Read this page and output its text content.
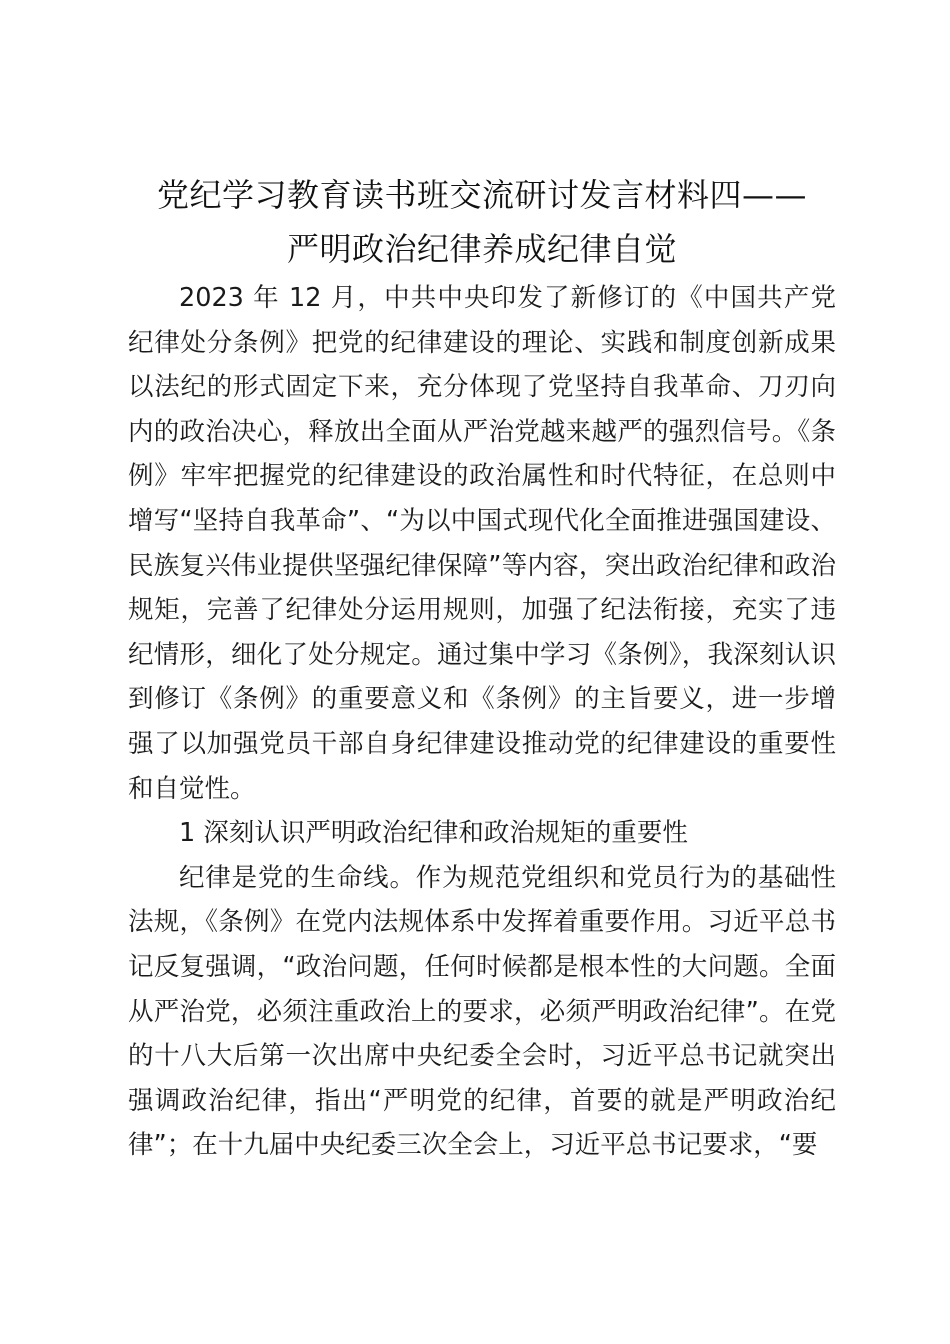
党纪学习教育读书班交流研讨发言材料四——
严明政治纪律养成纪律自觉

2023 年 12 月，中共中央印发了新修订的《中国共产党纪律处分条例》把党的纪律建设的理论、实践和制度创新成果以法纪的形式固定下来，充分体现了党坚持自我革命、刀刃向内的政治决心，释放出全面从严治党越来越严的强烈信号。《条例》牢牢把握党的纪律建设的政治属性和时代特征，在总则中增写“坚持自我革命”、“为以中国式现代化全面推进强国建设、民族复兴伟业提供坚强纪律保障”等内容，突出政治纪律和政治规矩，完善了纪律处分运用规则，加强了纪法衔接，充实了违纪情形，细化了处分规定。通过集中学习《条例》，我深刻认识到修订《条例》的重要意义和《条例》的主旨要义，进一步增强了以加强党员干部自身纪律建设推动党的纪律建设的重要性和自觉性。

1 深刻认识严明政治纪律和政治规矩的重要性

纪律是党的生命线。作为规范党组织和党员行为的基础性法规，《条例》在党内法规体系中发挥着重要作用。习近平总书记反复强调，“政治问题，任何时候都是根本性的大问题。全面从严治党，必须注重政治上的要求，必须严明政治纪律”。在党的十八大后第一次出席中央纪委全会时，习近平总书记就突出强调政治纪律，指出“严明党的纪律，首要的就是严明政治纪律”；在十九届中央纪委三次全会上，习近平总书记要求，“要
